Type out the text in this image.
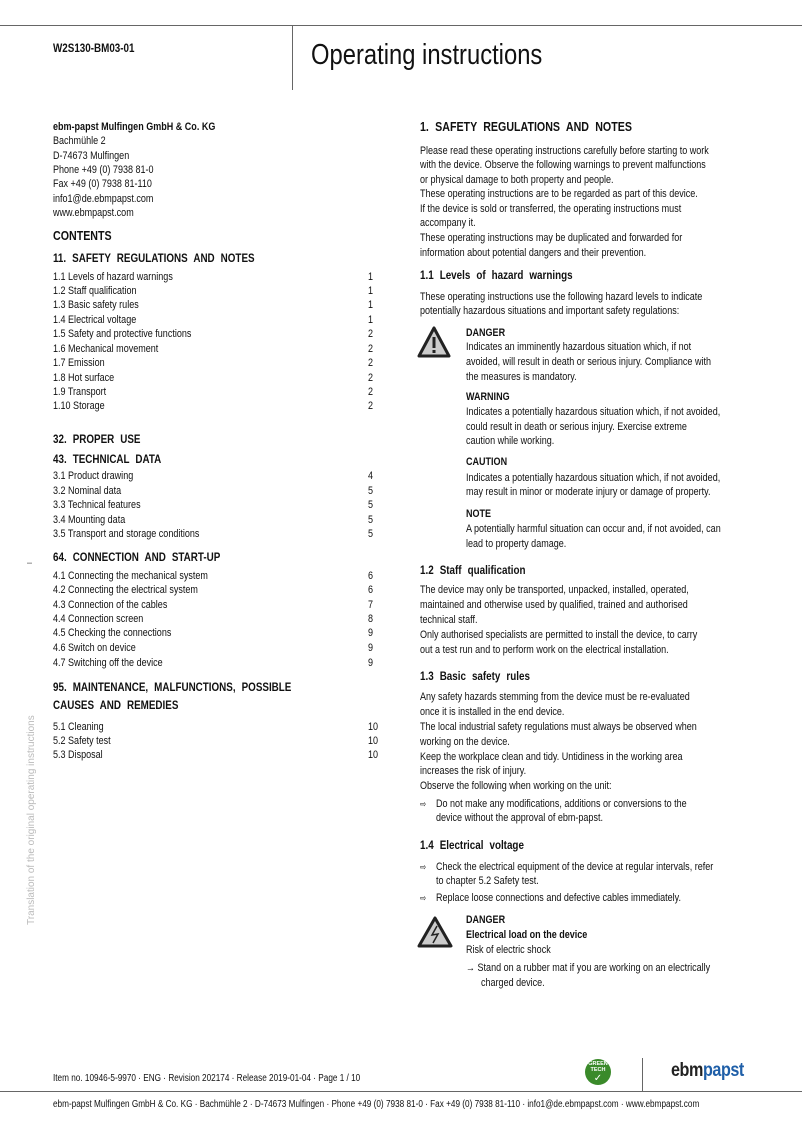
W2S130-BM03-01	Operating instructions
ebm-papst Mulfingen GmbH & Co. KG
Bachmühle 2
D-74673 Mulfingen
Phone +49 (0) 7938 81-0
Fax +49 (0) 7938 81-110
info1@de.ebmpapst.com
www.ebmpapst.com
CONTENTS
11. SAFETY REGULATIONS AND NOTES
1.1 Levels of hazard warnings	1
1.2 Staff qualification	1
1.3 Basic safety rules	1
1.4 Electrical voltage	1
1.5 Safety and protective functions	2
1.6 Mechanical movement	2
1.7 Emission	2
1.8 Hot surface	2
1.9 Transport	2
1.10 Storage	2
32. PROPER USE
43. TECHNICAL DATA
3.1 Product drawing	4
3.2 Nominal data	5
3.3 Technical features	5
3.4 Mounting data	5
3.5 Transport and storage conditions	5
64. CONNECTION AND START-UP
4.1 Connecting the mechanical system	6
4.2 Connecting the electrical system	6
4.3 Connection of the cables	7
4.4 Connection screen	8
4.5 Checking the connections	9
4.6 Switch on device	9
4.7 Switching off the device	9
95. MAINTENANCE, MALFUNCTIONS, POSSIBLE
CAUSES AND REMEDIES
5.1 Cleaning	10
5.2 Safety test	10
5.3 Disposal	10
–
1. SAFETY REGULATIONS AND NOTES
Please read these operating instructions carefully before starting to work
with the device. Observe the following warnings to prevent malfunctions
or physical damage to both property and people.
These operating instructions are to be regarded as part of this device.
If the device is sold or transferred, the operating instructions must
accompany it.
These operating instructions may be duplicated and forwarded for
information about potential dangers and their prevention.
1.1 Levels of hazard warnings
These operating instructions use the following hazard levels to indicate
potentially hazardous situations and important safety regulations:
DANGER
Indicates an imminently hazardous situation which, if not
avoided, will result in death or serious injury. Compliance with
the measures is mandatory.
WARNING
Indicates a potentially hazardous situation which, if not avoided,
could result in death or serious injury. Exercise extreme
caution while working.
CAUTION
Indicates a potentially hazardous situation which, if not avoided,
may result in minor or moderate injury or damage of property.
NOTE
A potentially harmful situation can occur and, if not avoided, can
lead to property damage.
1.2 Staff qualification
The device may only be transported, unpacked, installed, operated,
maintained and otherwise used by qualified, trained and authorised
technical staff.
Only authorised specialists are permitted to install the device, to carry
out a test run and to perform work on the electrical installation.
1.3 Basic safety rules
Any safety hazards stemming from the device must be re-evaluated
once it is installed in the end device.
The local industrial safety regulations must always be observed when
working on the device.
Keep the workplace clean and tidy. Untidiness in the working area
increases the risk of injury.
Observe the following when working on the unit:
⇨ Do not make any modifications, additions or conversions to the
device without the approval of ebm-papst.
1.4 Electrical voltage
⇨ Check the electrical equipment of the device at regular intervals, refer
to chapter 5.2 Safety test.
⇨ Replace loose connections and defective cables immediately.
DANGER
Electrical load on the device
Risk of electric shock
→ Stand on a rubber mat if you are working on an electrically
charged device.
Translation of the original operating instructions
Item no. 10946-5-9970 · ENG · Revision 202174 · Release 2019-01-04 · Page 1 / 10
GREEN TECH
✓	ebmpapst
ebm-papst Mulfingen GmbH & Co. KG · Bachmühle 2 · D-74673 Mulfingen · Phone +49 (0) 7938 81-0 · Fax +49 (0) 7938 81-110 · info1@de.ebmpapst.com · www.ebmpapst.com
